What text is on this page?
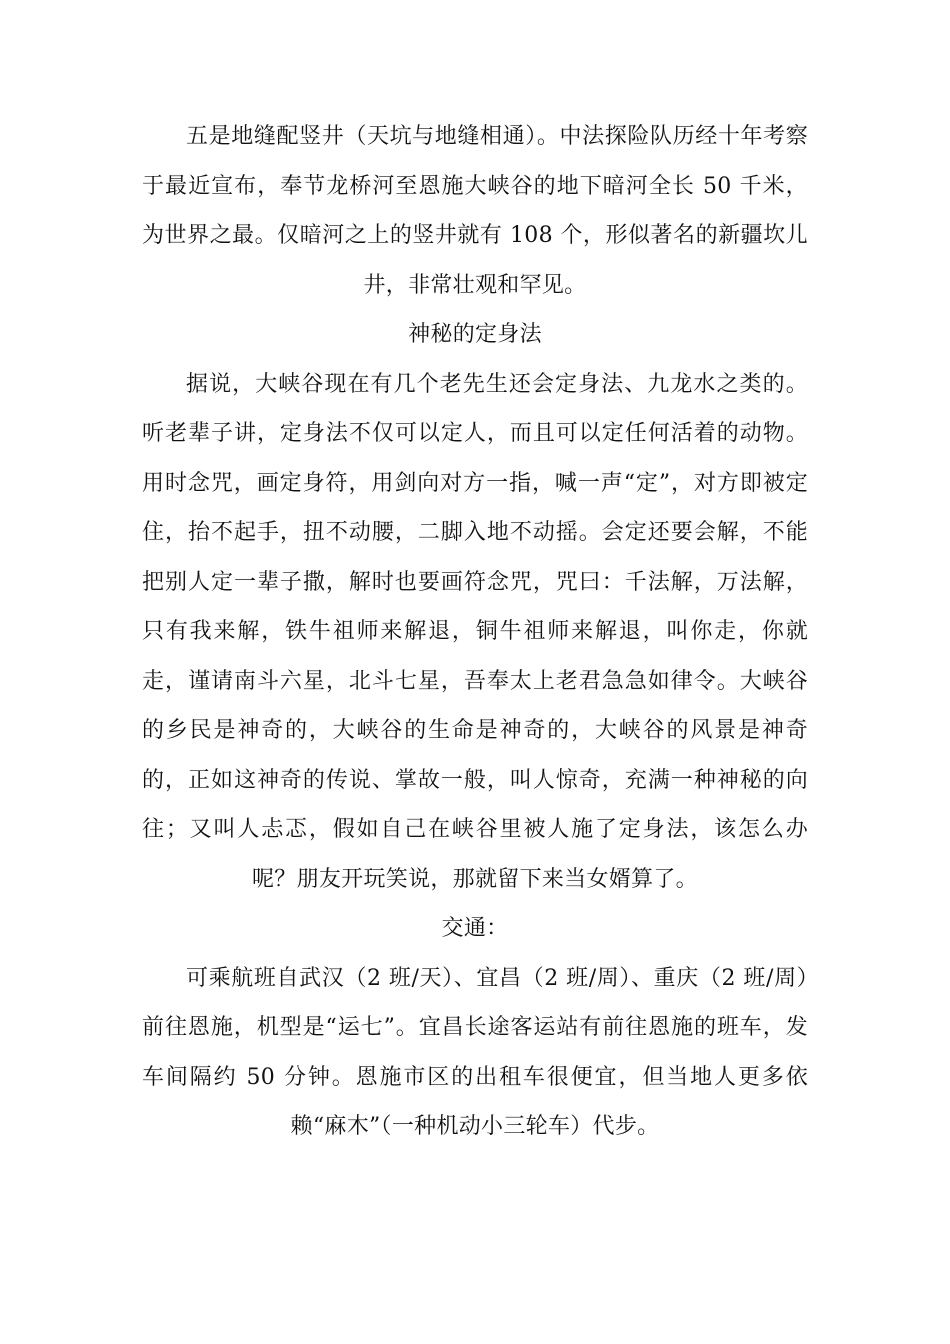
五是地缝配竖井（天坑与地缝相通）。中法探险队历经十年考察于最近宣布，奉节龙桥河至恩施大峡谷的地下暗河全长 50 千米，为世界之最。仅暗河之上的竖井就有 108 个，形似著名的新疆坎儿井，非常壮观和罕见。

神秘的定身法

据说，大峡谷现在有几个老先生还会定身法、九龙水之类的。听老辈子讲，定身法不仅可以定人，而且可以定任何活着的动物。用时念咒，画定身符，用剑向对方一指，喊一声“定”，对方即被定住，抬不起手，扭不动腰，二脚入地不动摇。会定还要会解，不能把别人定一辈子撒，解时也要画符念咒，咒曰：千法解，万法解，只有我来解，铁牛祖师来解退，铜牛祖师来解退，叫你走，你就走，谨请南斗六星，北斗七星，吾奉太上老君急急如律令。大峡谷的乡民是神奇的，大峡谷的生命是神奇的，大峡谷的风景是神奇的，正如这神奇的传说、掌故一般，叫人惊奇，充满一种神秘的向往；又叫人忐忑，假如自己在峡谷里被人施了定身法，该怎么办呢？朋友开玩笑说，那就留下来当女婿算了。

交通：

可乘航班自武汉（2 班/天）、宜昌（2 班/周）、重庆（2 班/周）前往恩施，机型是“运七”。宜昌长途客运站有前往恩施的班车，发车间隔约 50 分钟。恩施市区的出租车很便宜，但当地人更多依赖“麻木”（一种机动小三轮车）代步。
